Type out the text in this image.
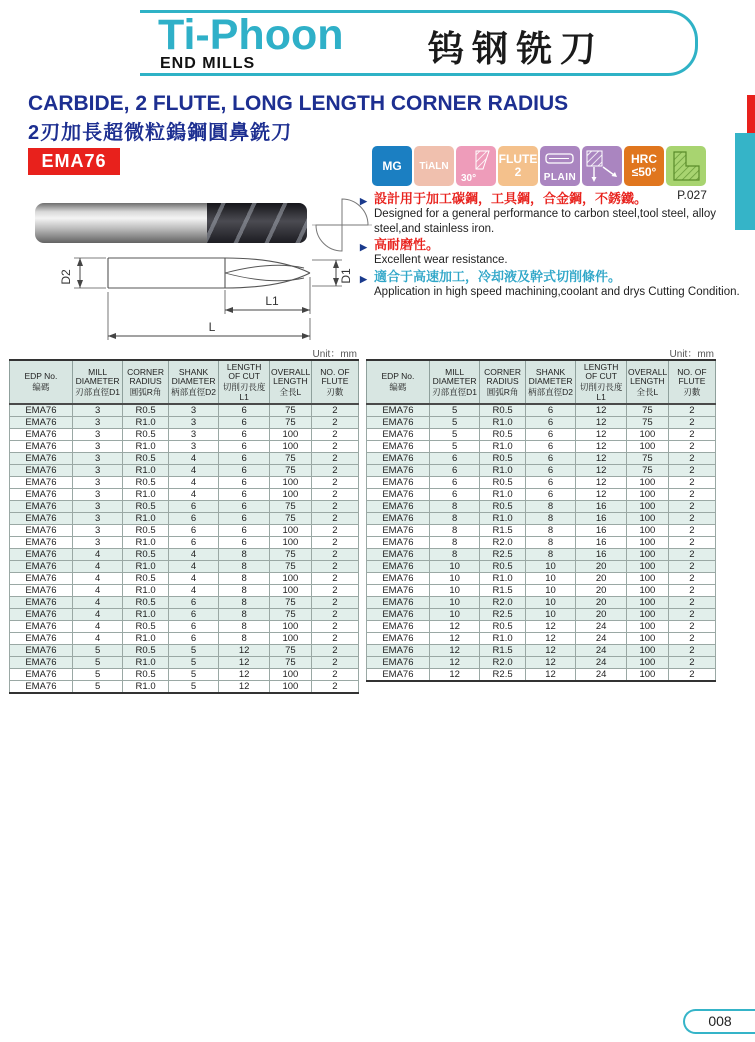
Ti-Phoon
END MILLS	钨钢铣刀
CARBIDE, 2 FLUTE, LONG LENGTH CORNER RADIUS
2刃加長超微粒鎢鋼圓鼻銑刀
EMA76	MG TiALN
30°
FLUTE
2	PLAIN
HRC
≤50°
P.027
▶ 設計用于加工碳鋼，工具鋼，合金鋼，不銹鐵。
Designed for a general performance to carbon steel,tool steel, alloy steel,and stainless iron.
▶ 高耐磨性。
Excellent wear resistance.
▶ 適合于高速加工，冷却液及幹式切削條件。
Application in high speed machining,coolant and drys Cutting Condition.
D2	D1
L1
L
Unit：mm
EDP No.
编碼

MILL DIAMETER
刃部直徑D1

CORNER RADIUS
圓弧R角

SHANK DIAMETER
柄部直徑D2

LENGTH OF CUT
切削刃長度L1

OVERALL LENGTH
全長L

NO. OF FLUTE
刃數

EMA76	3	R0.5	3	6	75	2
EMA76	3	R1.0	3	6	75	2
EMA76	3	R0.5	3	6	100	2
EMA76	3	R1.0	3	6	100	2
EMA76	3	R0.5	4	6	75	2
EMA76	3	R1.0	4	6	75	2
EMA76	3	R0.5	4	6	100	2
EMA76	3	R1.0	4	6	100	2
EMA76	3	R0.5	6	6	75	2
EMA76	3	R1.0	6	6	75	2
EMA76	3	R0.5	6	6	100	2
EMA76	3	R1.0	6	6	100	2
EMA76	4	R0.5	4	8	75	2
EMA76	4	R1.0	4	8	75	2
EMA76	4	R0.5	4	8	100	2
EMA76	4	R1.0	4	8	100	2
EMA76	4	R0.5	6	8	75	2
EMA76	4	R1.0	6	8	75	2
EMA76	4	R0.5	6	8	100	2
EMA76	4	R1.0	6	8	100	2
EMA76	5	R0.5	5	12	75	2
EMA76	5	R1.0	5	12	75	2
EMA76	5	R0.5	5	12	100	2
EMA76	5	R1.0	5	12	100	2
Unit：mm
EDP No.
编碼

MILL DIAMETER
刃部直徑D1

CORNER RADIUS
圓弧R角

SHANK DIAMETER
柄部直徑D2

LENGTH OF CUT
切削刃長度L1

OVERALL LENGTH
全長L

NO. OF FLUTE
刃數

EMA76	5	R0.5	6	12	75	2
EMA76	5	R1.0	6	12	75	2
EMA76	5	R0.5	6	12	100	2
EMA76	5	R1.0	6	12	100	2
EMA76	6	R0.5	6	12	75	2
EMA76	6	R1.0	6	12	75	2
EMA76	6	R0.5	6	12	100	2
EMA76	6	R1.0	6	12	100	2
EMA76	8	R0.5	8	16	100	2
EMA76	8	R1.0	8	16	100	2
EMA76	8	R1.5	8	16	100	2
EMA76	8	R2.0	8	16	100	2
EMA76	8	R2.5	8	16	100	2
EMA76	10	R0.5	10	20	100	2
EMA76	10	R1.0	10	20	100	2
EMA76	10	R1.5	10	20	100	2
EMA76	10	R2.0	10	20	100	2
EMA76	10	R2.5	10	20	100	2
EMA76	12	R0.5	12	24	100	2
EMA76	12	R1.0	12	24	100	2
EMA76	12	R1.5	12	24	100	2
EMA76	12	R2.0	12	24	100	2
EMA76	12	R2.5	12	24	100	2
008
